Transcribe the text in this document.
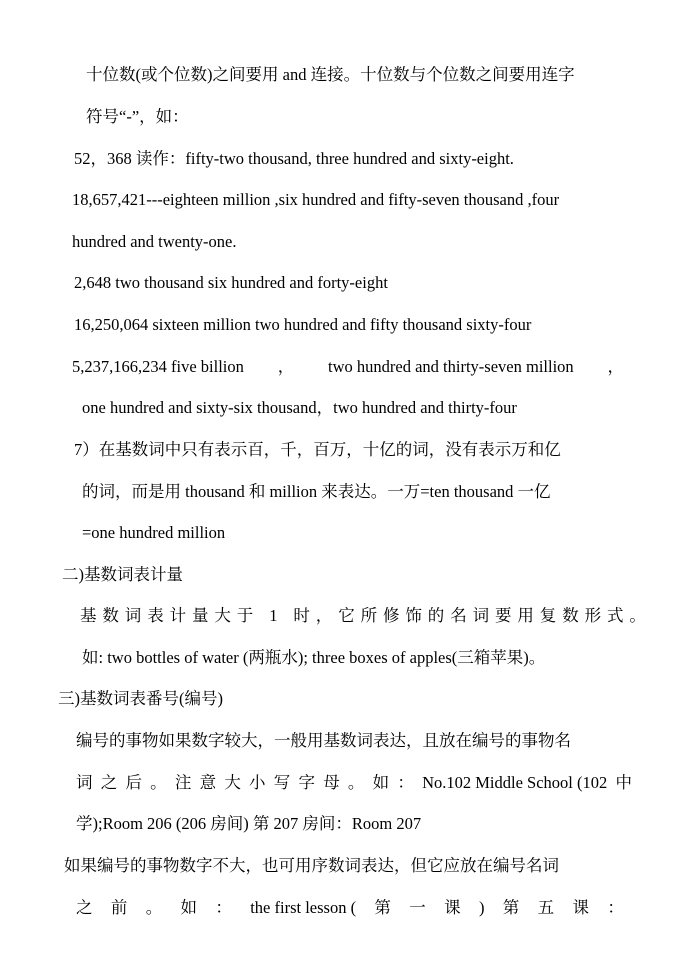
十位数(或个位数)之间要用 and 连接。十位数与个位数之间要用连字
符号“-”，如：
52，368 读作：fifty-two thousand, three hundred and sixty-eight.
18,657,421---eighteen million ,six hundred and fifty-seven thousand ,four
hundred and twenty-one.
2,648 two thousand six hundred and forty-eight
16,250,064 sixteen million two hundred and fifty thousand sixty-four
5,237,166,234 five billion ， two hundred and thirty-seven million ，
one hundred and sixty-six thousand，two hundred and thirty-four
7）在基数词中只有表示百，千，百万，十亿的词，没有表示万和亿
的词，而是用 thousand 和 million 来表达。一万=ten thousand 一亿
=one hundred million
二)基数词表计量
基数词表计量大于 1 时，它所修饰的名词要用复数形式。
如: two bottles of water (两瓶水); three boxes of apples(三箱苹果)。
三)基数词表番号(编号)
编号的事物如果数字较大，一般用基数词表达，且放在编号的事物名
词 之 后 。 注 意 大 小 写 字 母 。 如 ： No.102 Middle School (102 中
学);Room 206 (206 房间) 第 207 房间：Room 207
如果编号的事物数字不大，也可用序数词表达，但它应放在编号名词
之 前 。 如 ： the first lesson ( 第 一 课 ) 第 五 课 ：
